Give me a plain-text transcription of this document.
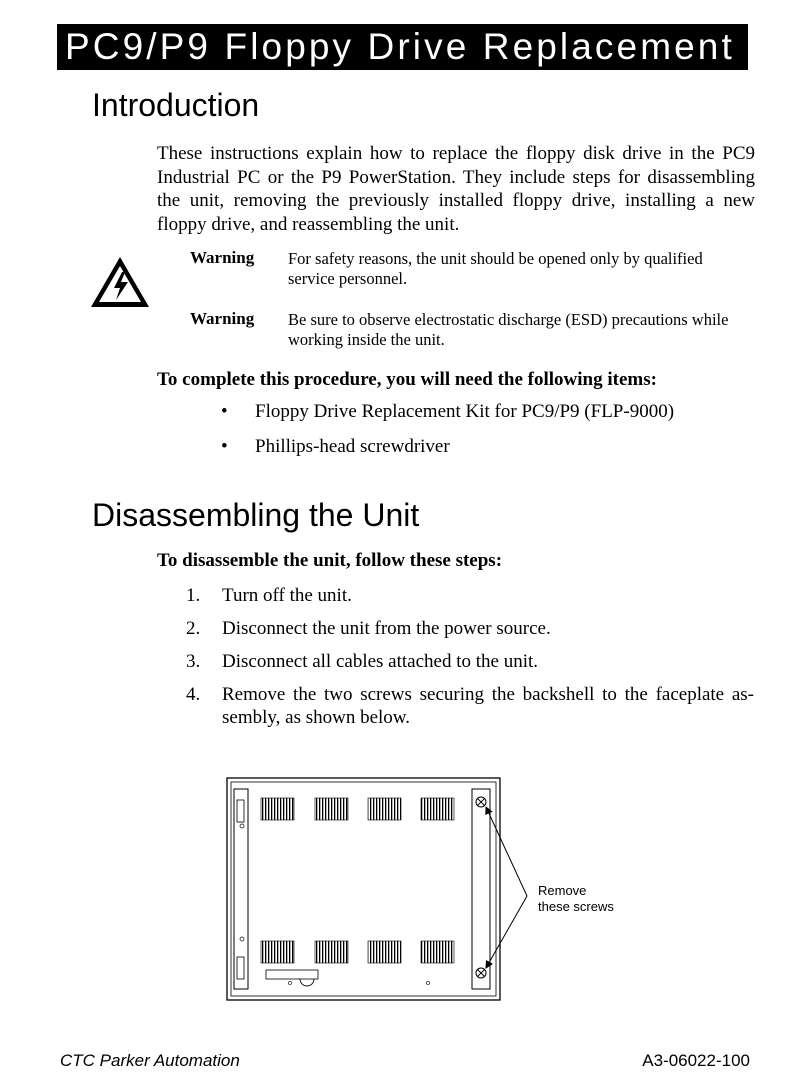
PC9/P9 Floppy Drive Replacement
Introduction
These instructions explain how to replace the floppy disk drive in the PC9 Industrial PC or the P9 PowerStation. They include steps for disassembling the unit, removing the previously installed floppy drive, installing a new floppy drive, and reassembling the unit.
Warning For safety reasons, the unit should be opened only by qualified service personnel.
Warning Be sure to observe electrostatic discharge (ESD) precautions while working inside the unit.
To complete this procedure, you will need the following items:
• Floppy Drive Replacement Kit for PC9/P9 (FLP-9000)
• Phillips-head screwdriver
Disassembling the Unit
To disassemble the unit, follow these steps:
1.	Turn off the unit.
2.	Disconnect the unit from the power source.
3.	Disconnect all cables attached to the unit.
4.	Remove the two screws securing the backshell to the faceplate assembly, as shown below.
Remove
these screws
CTC Parker Automation	A3-06022-100
